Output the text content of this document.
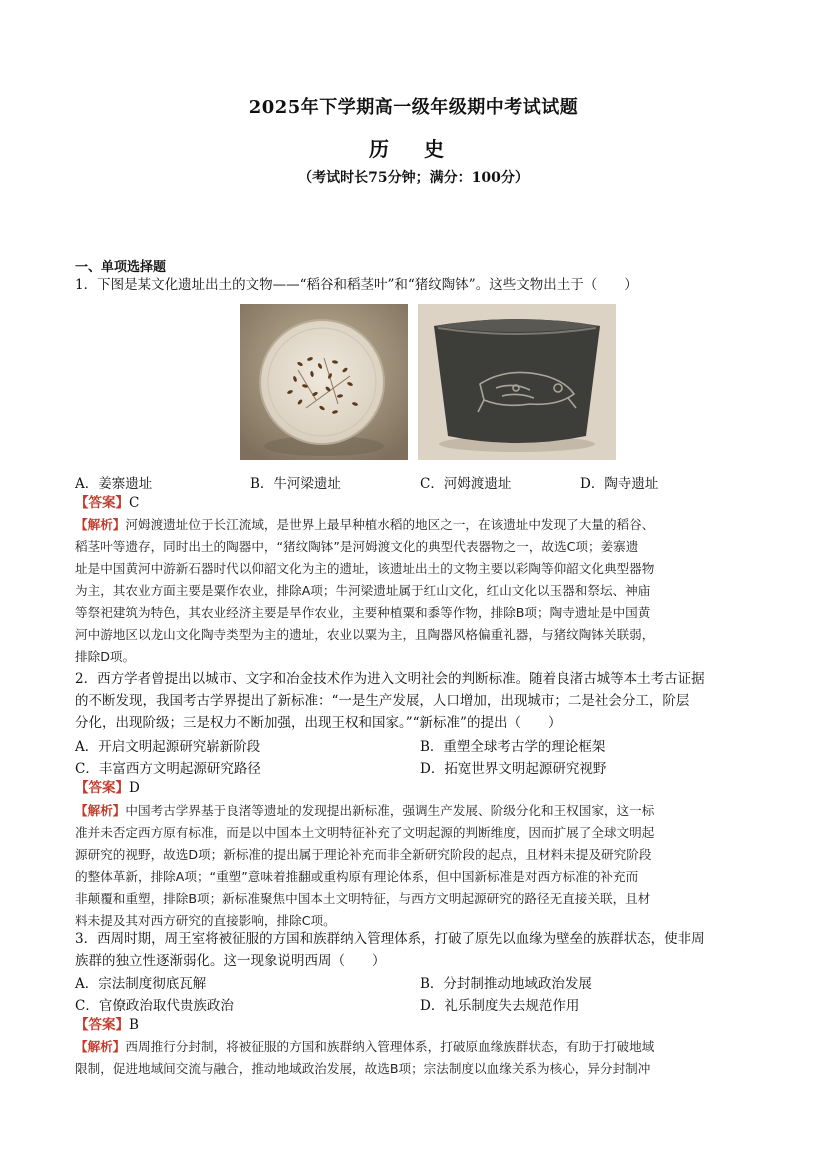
2025年下学期高一级年级期中考试试题
历 史
（考试时长75分钟；满分：100分）
一、单项选择题
1．下图是某文化遗址出土的文物——“稻谷和稻茎叶”和“猪纹陶钵”。这些文物出土于（　　）
A．姜寨遗址	B．牛河梁遗址	C．河姆渡遗址	D．陶寺遗址
【答案】C
【解析】河姆渡遗址位于长江流域，是世界上最早种植水稻的地区之一，在该遗址中发现了大量的稻谷、
稻茎叶等遗存，同时出土的陶器中，“猪纹陶钵”是河姆渡文化的典型代表器物之一，故选C项；姜寨遗
址是中国黄河中游新石器时代以仰韶文化为主的遗址，该遗址出土的文物主要以彩陶等仰韶文化典型器物
为主，其农业方面主要是粟作农业，排除A项；牛河梁遗址属于红山文化，红山文化以玉器和祭坛、神庙
等祭祀建筑为特色，其农业经济主要是旱作农业，主要种植粟和黍等作物，排除B项；陶寺遗址是中国黄
河中游地区以龙山文化陶寺类型为主的遗址，农业以粟为主，且陶器风格偏重礼器，与猪纹陶钵关联弱，
排除D项。
2．西方学者曾提出以城市、文字和冶金技术作为进入文明社会的判断标准。随着良渚古城等本土考古证据
的不断发现，我国考古学界提出了新标准：“一是生产发展，人口增加，出现城市；二是社会分工，阶层
分化，出现阶级；三是权力不断加强，出现王权和国家。”“新标准”的提出（　　）
A．开启文明起源研究崭新阶段	B．重塑全球考古学的理论框架
C．丰富西方文明起源研究路径	D．拓宽世界文明起源研究视野
【答案】D
【解析】中国考古学界基于良渚等遗址的发现提出新标准，强调生产发展、阶级分化和王权国家，这一标
准并未否定西方原有标准，而是以中国本土文明特征补充了文明起源的判断维度，因而扩展了全球文明起
源研究的视野，故选D项；新标准的提出属于理论补充而非全新研究阶段的起点，且材料未提及研究阶段
的整体革新，排除A项；“重塑”意味着推翻或重构原有理论体系，但中国新标准是对西方标准的补充而
非颠覆和重塑，排除B项；新标准聚焦中国本土文明特征，与西方文明起源研究的路径无直接关联，且材
料未提及其对西方研究的直接影响，排除C项。
3．西周时期，周王室将被征服的方国和族群纳入管理体系，打破了原先以血缘为壁垒的族群状态，使非周
族群的独立性逐渐弱化。这一现象说明西周（　　）
A．宗法制度彻底瓦解	B．分封制推动地域政治发展
C．官僚政治取代贵族政治	D．礼乐制度失去规范作用
【答案】B
【解析】西周推行分封制，将被征服的方国和族群纳入管理体系，打破原血缘族群状态，有助于打破地域
限制，促进地域间交流与融合，推动地域政治发展，故选B项；宗法制度以血缘关系为核心，异分封制冲
